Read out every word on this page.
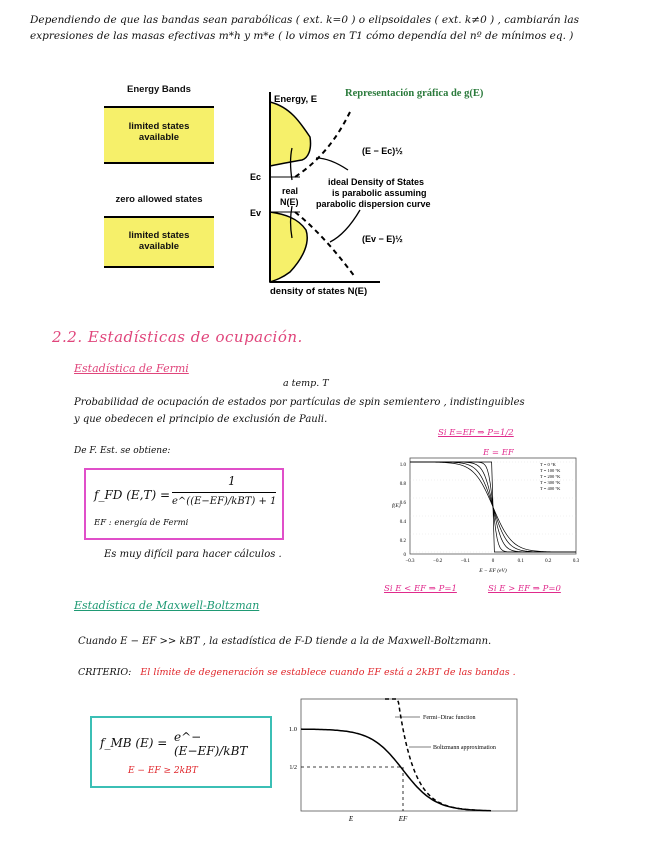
Dependiendo de que las bandas sean parabólicas ( ext. k=0 ) o elipsoidales ( ext. k≠0 ) , cambiarán las
expresiones de las masas efectivas m*h y m*e ( lo vimos en T1 cómo dependía del nº de mínimos eq. )
Energy Bands
limited states available
zero allowed states
limited states available
Energy, E
Representación gráfica de g(E)
Ec
Ev
real
N(E)
(E − Ec)½
ideal Density of States
is parabolic assuming
parabolic dispersion curve
(Ev − E)½
density of states N(E)
2.2. Estadísticas de ocupación.
Estadística de Fermi
a temp. T
Probabilidad de ocupación de estados por partículas de spin semientero , indistinguibles
y que obedecen el principio de exclusión de Pauli.
Si E=EF ⇒ P=1/2
E = EF
De F. Est. se obtiene:
f_FD (E,T) =
1
e^((E−EF)/kBT) + 1
EF : energía de Fermi
Es muy difícil para hacer cálculos .
1.0
0.8
0.6
0.4
0.2
0
−0.3	−0.2	−0.1	0	0.1	0.2	0.3
f(E)
E − EF (eV)
T = 0 °K
T = 100 °K
T = 200 °K
T = 300 °K
T = 400 °K
Si E < EF ⇒ P=1	Si E > EF ⇒ P=0
Estadística de Maxwell-Boltzman
Cuando E − EF >> kBT , la estadística de F-D tiende a la de Maxwell-Boltzmann.
CRITERIO: El límite de degeneración se establece cuando EF está a 2kBT de las bandas .
f_MB (E) = e^−(E−EF)/kBT
E − EF ≥ 2kBT
1.0
1/2
E	EF
Fermi−Dirac function
Boltzmann approximation
